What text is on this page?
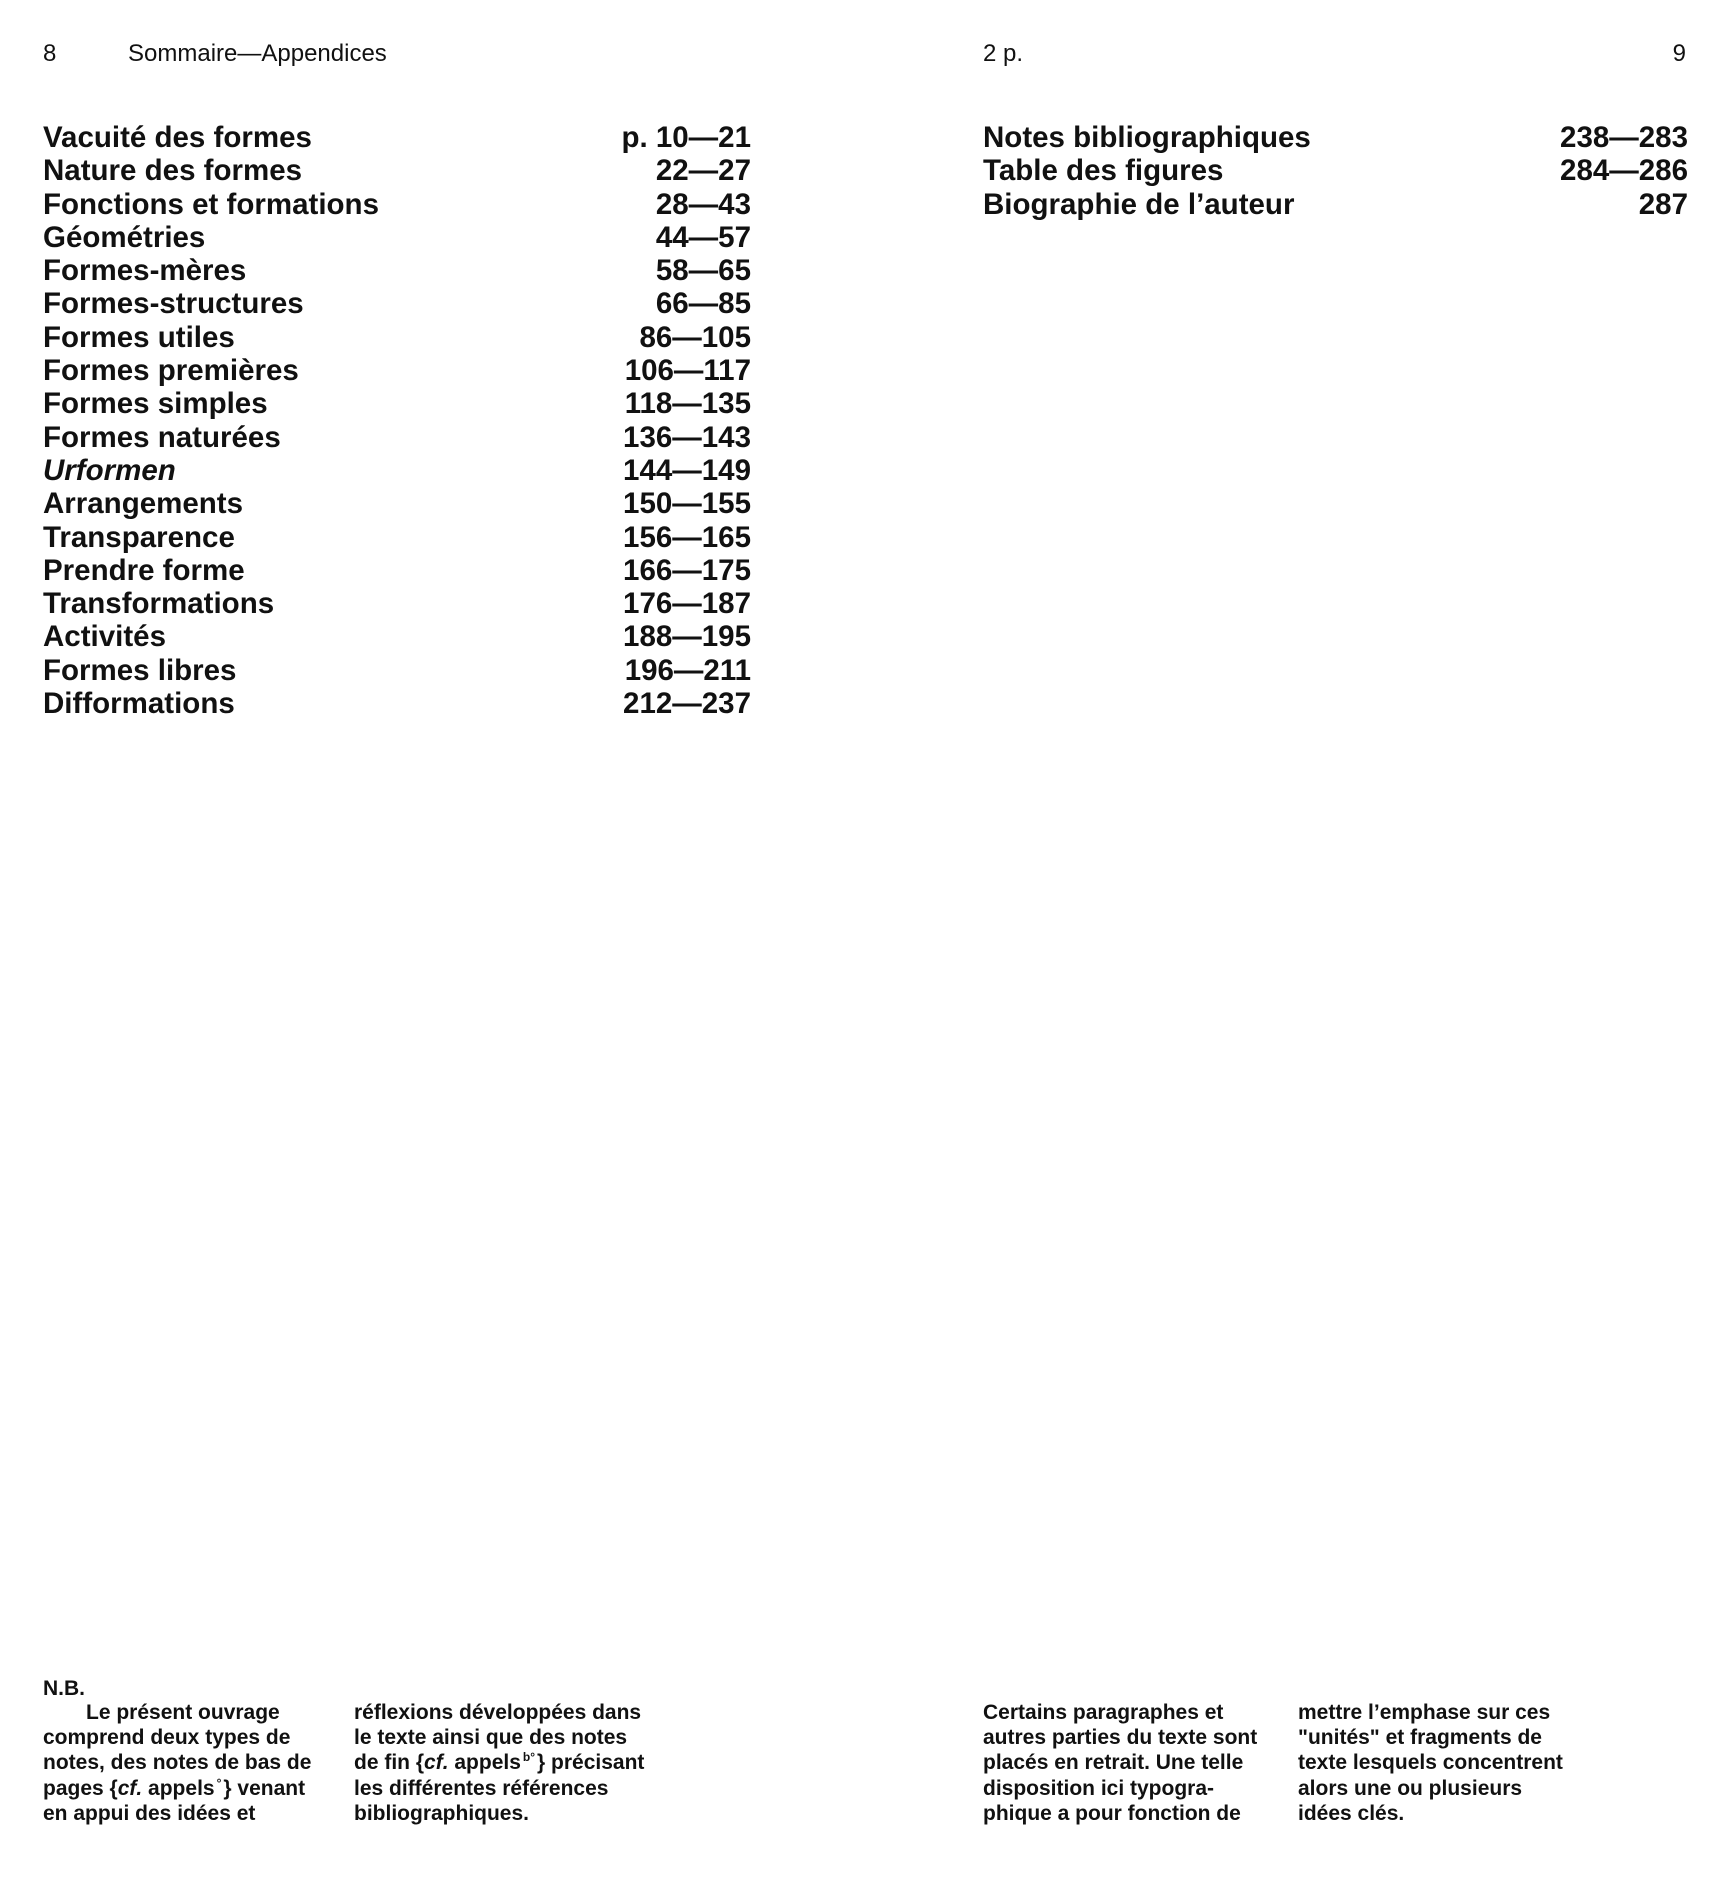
8	Sommaire—Appendices	2 p.	9
Vacuité des formes	p. 10—21
Nature des formes	22—27
Fonctions et formations	28—43
Géométries	44—57
Formes-mères	58—65
Formes-structures	66—85
Formes utiles	86—105
Formes premières	106—117
Formes simples	118—135
Formes naturées	136—143
Urformen	144—149
Arrangements	150—155
Transparence	156—165
Prendre forme	166—175
Transformations	176—187
Activités	188—195
Formes libres	196—211
Difformations	212—237
Notes bibliographiques	238—283
Table des figures	284—286
Biographie de l’auteur	287
N.B.
Le présent ouvrage
comprend deux types de
notes, des notes de bas de
pages {cf. appels °} venant
en appui des idées et
réflexions développées dans
le texte ainsi que des notes
de fin {cf. appels $^{b^\circ}$} précisant
les différentes références
bibliographiques.
Certains paragraphes et
autres parties du texte sont
placés en retrait. Une telle
disposition ici typogra-
phique a pour fonction de
mettre l’emphase sur ces
"unités" et fragments de
texte lesquels concentrent
alors une ou plusieurs
idées clés.
